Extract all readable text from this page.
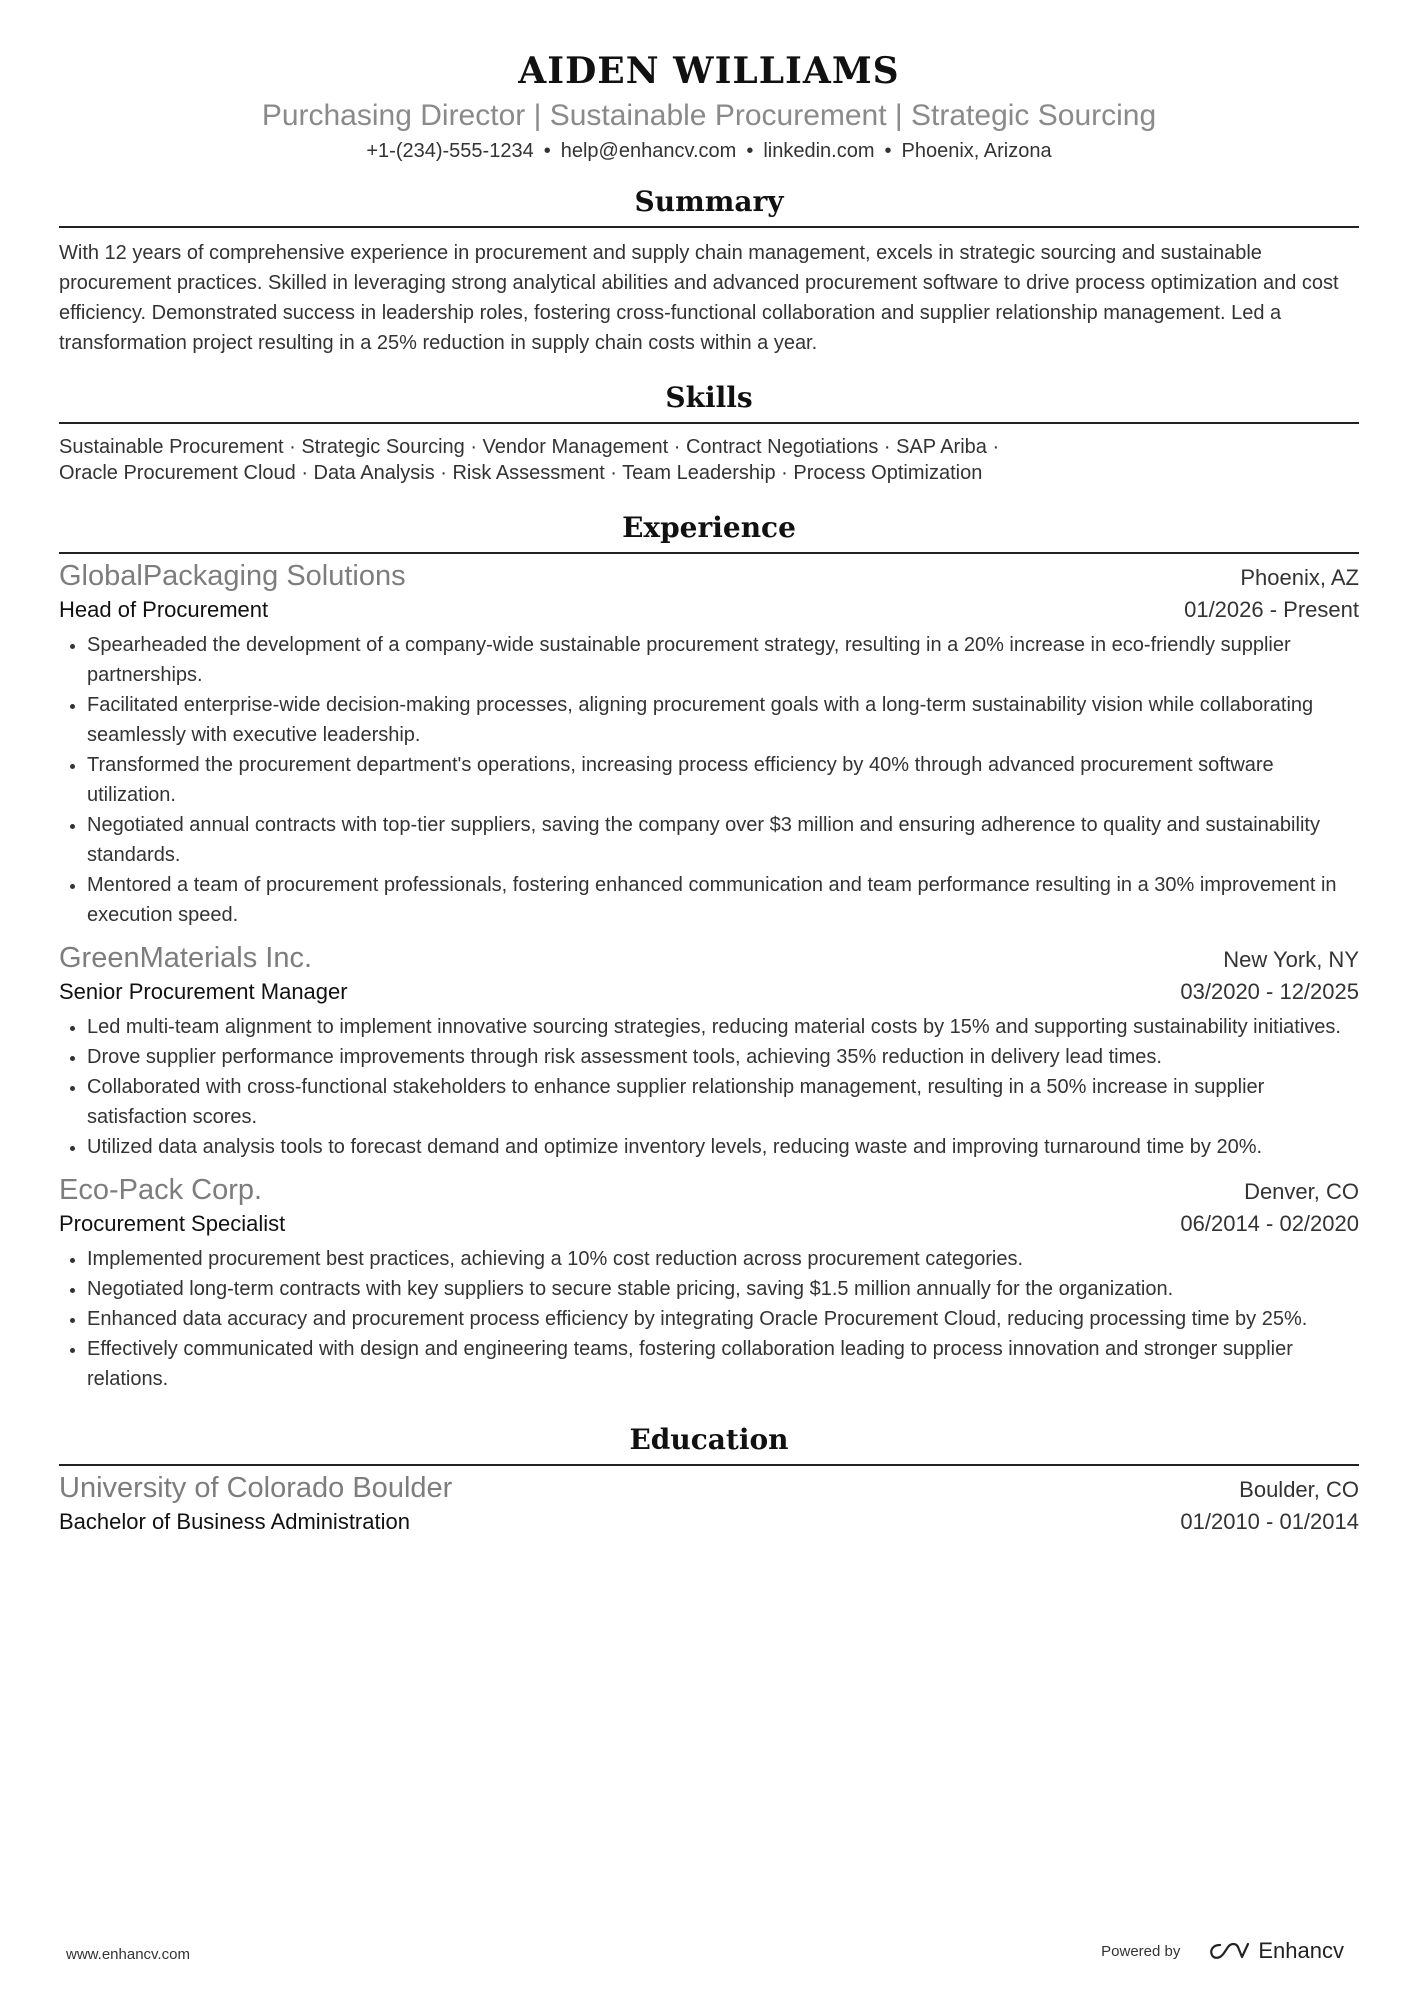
AIDEN WILLIAMS
Purchasing Director | Sustainable Procurement | Strategic Sourcing
+1-(234)-555-1234 • help@enhancv.com • linkedin.com • Phoenix, Arizona
Summary
With 12 years of comprehensive experience in procurement and supply chain management, excels in strategic sourcing and sustainable procurement practices. Skilled in leveraging strong analytical abilities and advanced procurement software to drive process optimization and cost efficiency. Demonstrated success in leadership roles, fostering cross-functional collaboration and supplier relationship management. Led a transformation project resulting in a 25% reduction in supply chain costs within a year.
Skills
Sustainable Procurement · Strategic Sourcing · Vendor Management · Contract Negotiations · SAP Ariba ·
Oracle Procurement Cloud · Data Analysis · Risk Assessment · Team Leadership · Process Optimization
Experience
GlobalPackaging Solutions	Phoenix, AZ
Head of Procurement	01/2026 - Present
• Spearheaded the development of a company-wide sustainable procurement strategy, resulting in a 20% increase in eco-friendly supplier partnerships.
• Facilitated enterprise-wide decision-making processes, aligning procurement goals with a long-term sustainability vision while collaborating seamlessly with executive leadership.
• Transformed the procurement department's operations, increasing process efficiency by 40% through advanced procurement software utilization.
• Negotiated annual contracts with top-tier suppliers, saving the company over $3 million and ensuring adherence to quality and sustainability standards.
• Mentored a team of procurement professionals, fostering enhanced communication and team performance resulting in a 30% improvement in execution speed.
GreenMaterials Inc.	New York, NY
Senior Procurement Manager	03/2020 - 12/2025
• Led multi-team alignment to implement innovative sourcing strategies, reducing material costs by 15% and supporting sustainability initiatives.
• Drove supplier performance improvements through risk assessment tools, achieving 35% reduction in delivery lead times.
• Collaborated with cross-functional stakeholders to enhance supplier relationship management, resulting in a 50% increase in supplier satisfaction scores.
• Utilized data analysis tools to forecast demand and optimize inventory levels, reducing waste and improving turnaround time by 20%.
Eco-Pack Corp.	Denver, CO
Procurement Specialist	06/2014 - 02/2020
• Implemented procurement best practices, achieving a 10% cost reduction across procurement categories.
• Negotiated long-term contracts with key suppliers to secure stable pricing, saving $1.5 million annually for the organization.
• Enhanced data accuracy and procurement process efficiency by integrating Oracle Procurement Cloud, reducing processing time by 25%.
• Effectively communicated with design and engineering teams, fostering collaboration leading to process innovation and stronger supplier relations.
Education
University of Colorado Boulder	Boulder, CO
Bachelor of Business Administration	01/2010 - 01/2014
www.enhancv.com	Powered by	Enhancv
